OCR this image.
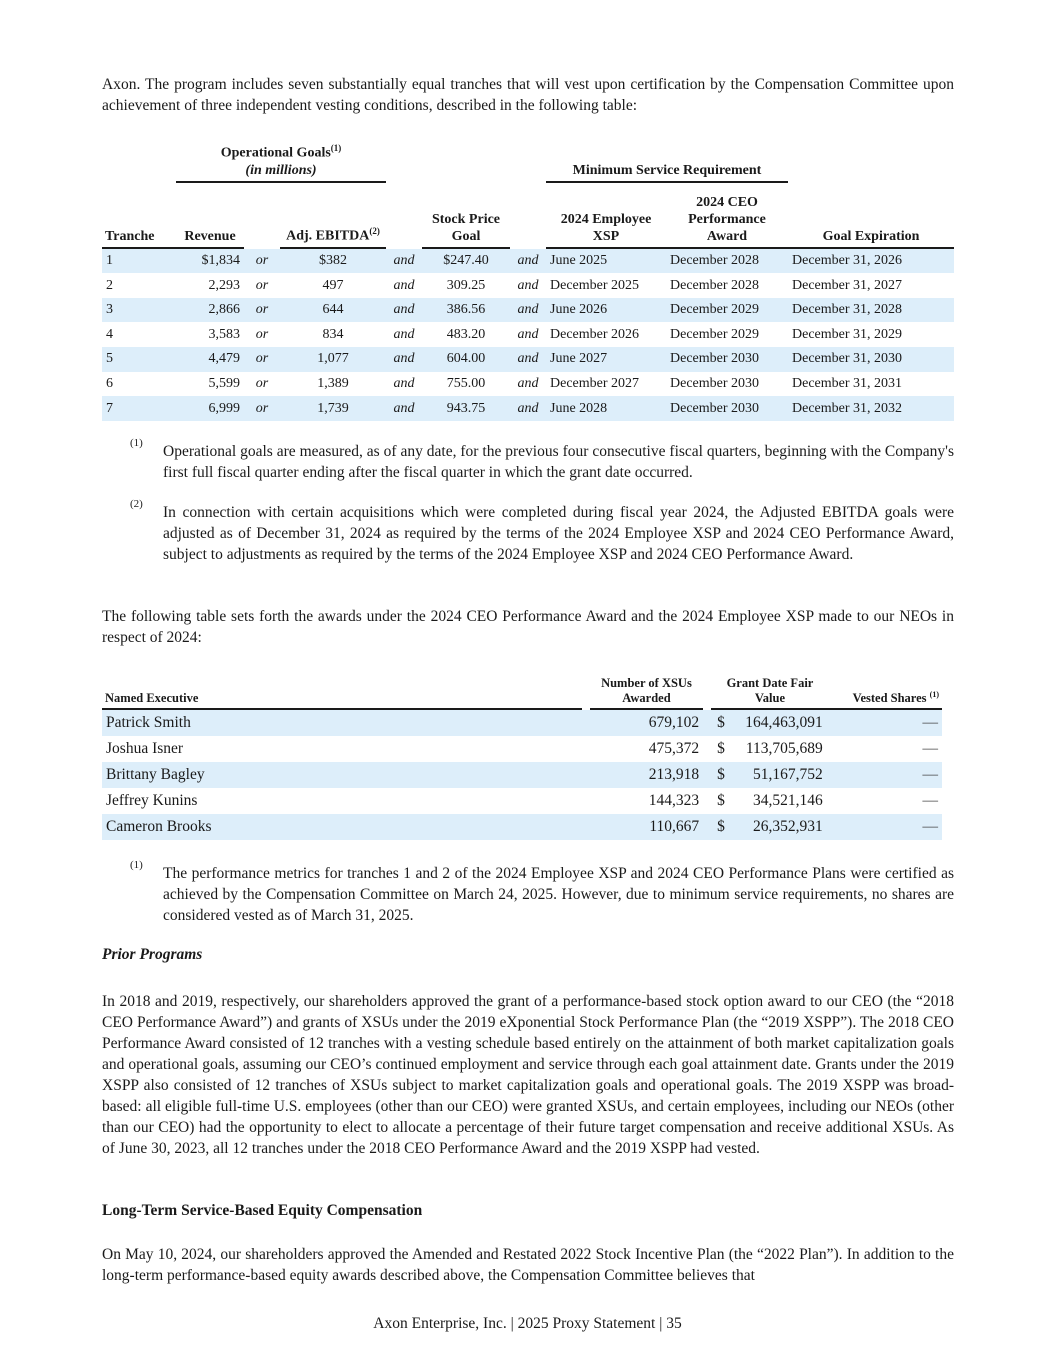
Axon. The program includes seven substantially equal tranches that will vest upon certification by the Compensation Committee upon achievement of three independent vesting conditions, described in the following table:

	Operational Goals$^{(1)}$
(in millions)						Minimum Service Requirement		
Tranche	Revenue		Adj. EBITDA$^{(2)}$		Stock Price Goal		2024 Employee XSP	2024 CEO Performance Award	Goal Expiration
1	$1,834	or	$382	and	$247.40	and	June 2025	December 2028	December 31, 2026
2	2,293	or	497	and	309.25	and	December 2025	December 2028	December 31, 2027
3	2,866	or	644	and	386.56	and	June 2026	December 2029	December 31, 2028
4	3,583	or	834	and	483.20	and	December 2026	December 2029	December 31, 2029
5	4,479	or	1,077	and	604.00	and	June 2027	December 2030	December 31, 2030
6	5,599	or	1,389	and	755.00	and	December 2027	December 2030	December 31, 2031
7	6,999	or	1,739	and	943.75	and	June 2028	December 2030	December 31, 2032
(1) Operational goals are measured, as of any date, for the previous four consecutive fiscal quarters, beginning with the Company's first full fiscal quarter ending after the fiscal quarter in which the grant date occurred.

(2) In connection with certain acquisitions which were completed during fiscal year 2024, the Adjusted EBITDA goals were adjusted as of December 31, 2024 as required by the terms of the 2024 Employee XSP and 2024 CEO Performance Award, subject to adjustments as required by the terms of the 2024 Employee XSP and 2024 CEO Performance Award.

The following table sets forth the awards under the 2024 CEO Performance Award and the 2024 Employee XSP made to our NEOs in respect of 2024:

Named Executive		Number of XSUs Awarded		Grant Date Fair Value	Vested Shares $^{(1)}$
Patrick Smith		679,102		$ 164,463,091	—
Joshua Isner		475,372		$ 113,705,689	—
Brittany Bagley		213,918		$ 51,167,752	—
Jeffrey Kunins		144,323		$ 34,521,146	—
Cameron Brooks		110,667		$ 26,352,931	—
(1) The performance metrics for tranches 1 and 2 of the 2024 Employee XSP and 2024 CEO Performance Plans were certified as achieved by the Compensation Committee on March 24, 2025. However, due to minimum service requirements, no shares are considered vested as of March 31, 2025.

Prior Programs

In 2018 and 2019, respectively, our shareholders approved the grant of a performance-based stock option award to our CEO (the “2018 CEO Performance Award”) and grants of XSUs under the 2019 eXponential Stock Performance Plan (the “2019 XSPP”). The 2018 CEO Performance Award consisted of 12 tranches with a vesting schedule based entirely on the attainment of both market capitalization goals and operational goals, assuming our CEO’s continued employment and service through each goal attainment date. Grants under the 2019 XSPP also consisted of 12 tranches of XSUs subject to market capitalization goals and operational goals. The 2019 XSPP was broad-based: all eligible full-time U.S. employees (other than our CEO) were granted XSUs, and certain employees, including our NEOs (other than our CEO) had the opportunity to elect to allocate a percentage of their future target compensation and receive additional XSUs. As of June 30, 2023, all 12 tranches under the 2018 CEO Performance Award and the 2019 XSPP had vested.

Long-Term Service-Based Equity Compensation

On May 10, 2024, our shareholders approved the Amended and Restated 2022 Stock Incentive Plan (the “2022 Plan”). In addition to the long-term performance-based equity awards described above, the Compensation Committee believes that

Axon Enterprise, Inc. | 2025 Proxy Statement | 35
